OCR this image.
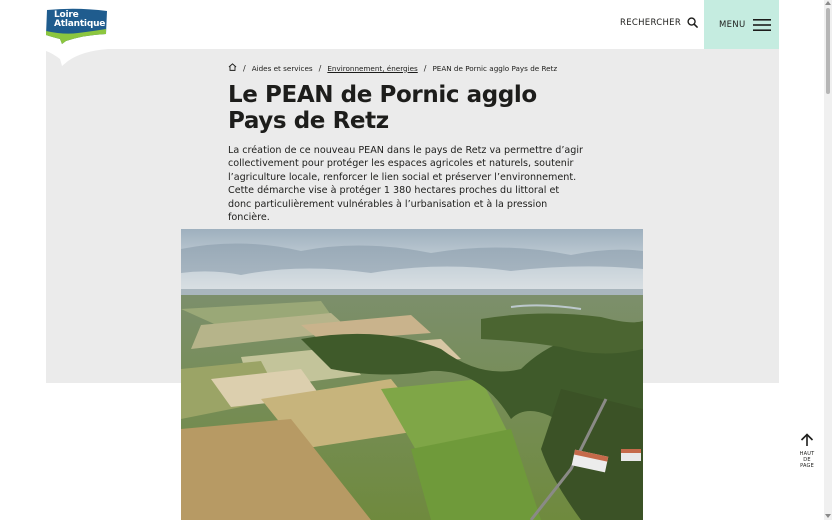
Loire
Atlantique	RECHERCHER	MENU
/ Aides et services / Environnement, énergies / PEAN de Pornic agglo Pays de Retz
Le PEAN de Pornic agglo Pays de Retz

La création de ce nouveau PEAN dans le pays de Retz va permettre d’agir collectivement pour protéger les espaces agricoles et naturels, soutenir l’agriculture locale, renforcer le lien social et préserver l’environnement. Cette démarche vise à protéger 1 380 hectares proches du littoral et donc particulièrement vulnérables à l’urbanisation et à la pression foncière.

HAUT
DE
PAGE
